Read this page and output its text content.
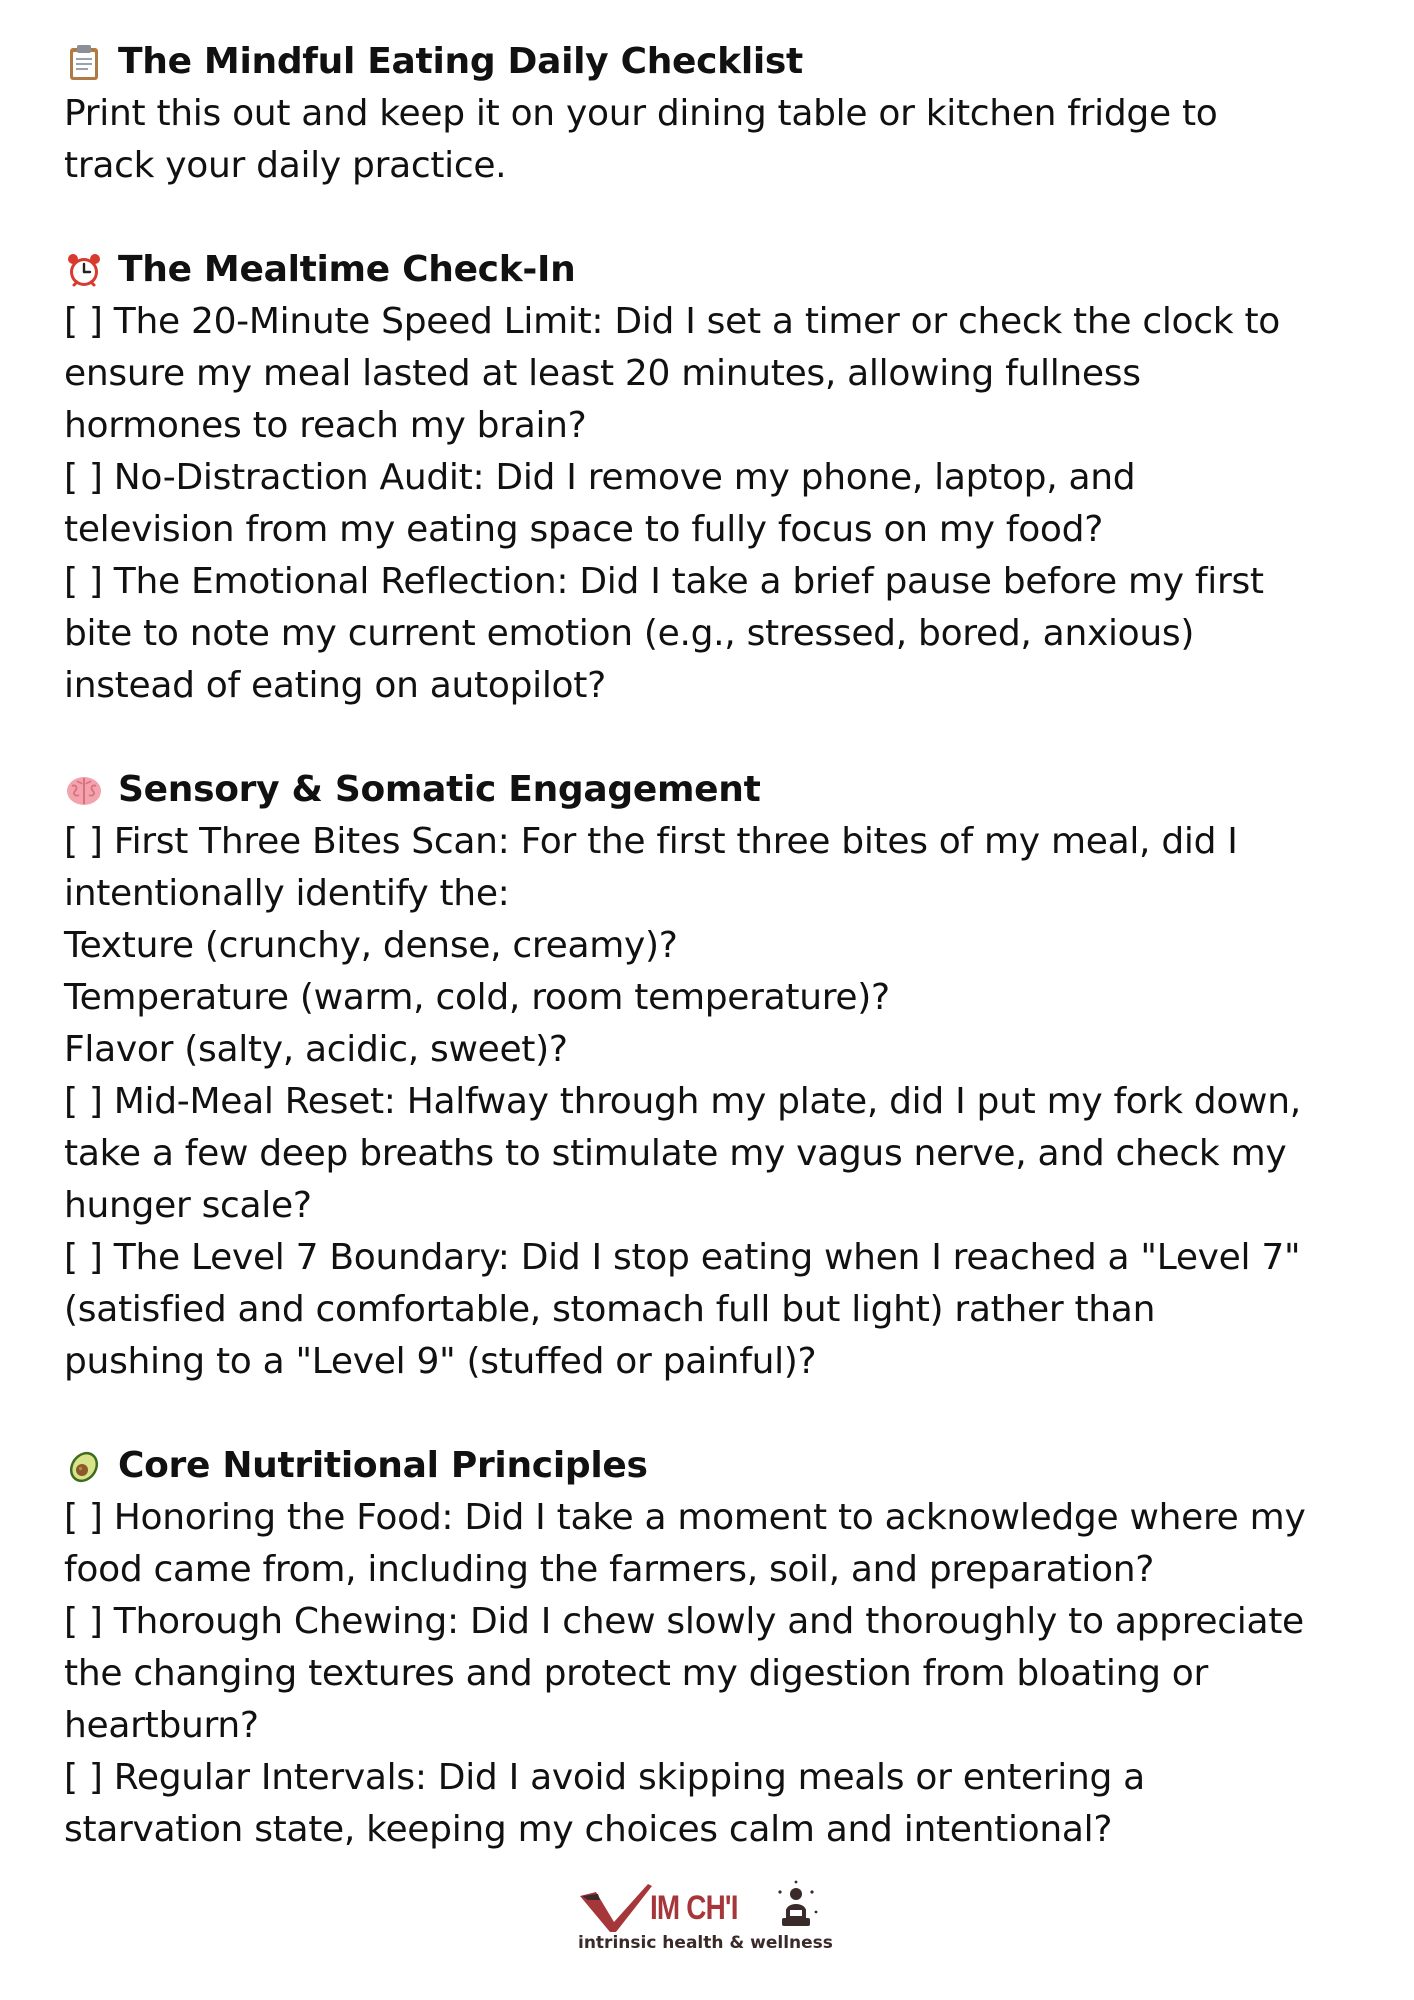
The Mindful Eating Daily Checklist
Print this out and keep it on your dining table or kitchen fridge to
track your daily practice.
The Mealtime Check-In
[ ] The 20-Minute Speed Limit: Did I set a timer or check the clock to
ensure my meal lasted at least 20 minutes, allowing fullness
hormones to reach my brain?
[ ] No-Distraction Audit: Did I remove my phone, laptop, and
television from my eating space to fully focus on my food?
[ ] The Emotional Reflection: Did I take a brief pause before my first
bite to note my current emotion (e.g., stressed, bored, anxious)
instead of eating on autopilot?
Sensory & Somatic Engagement
[ ] First Three Bites Scan: For the first three bites of my meal, did I
intentionally identify the:
Texture (crunchy, dense, creamy)?
Temperature (warm, cold, room temperature)?
Flavor (salty, acidic, sweet)?
[ ] Mid-Meal Reset: Halfway through my plate, did I put my fork down,
take a few deep breaths to stimulate my vagus nerve, and check my
hunger scale?
[ ] The Level 7 Boundary: Did I stop eating when I reached a "Level 7"
(satisfied and comfortable, stomach full but light) rather than
pushing to a "Level 9" (stuffed or painful)?
Core Nutritional Principles
[ ] Honoring the Food: Did I take a moment to acknowledge where my
food came from, including the farmers, soil, and preparation?
[ ] Thorough Chewing: Did I chew slowly and thoroughly to appreciate
the changing textures and protect my digestion from bloating or
heartburn?
[ ] Regular Intervals: Did I avoid skipping meals or entering a
starvation state, keeping my choices calm and intentional?
IM CH'I
intrinsic health & wellness
